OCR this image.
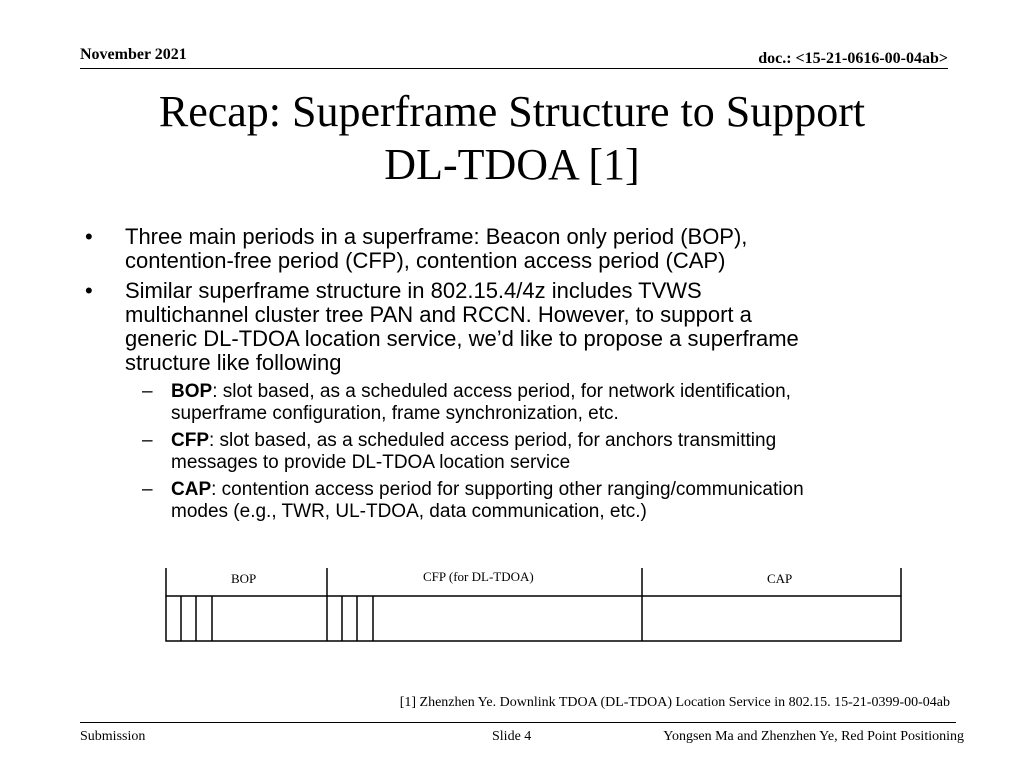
November 2021	doc.: <15-21-0616-00-04ab>
Recap: Superframe Structure to Support
DL-TDOA [1]
• Three main periods in a superframe: Beacon only period (BOP),
contention-free period (CFP), contention access period (CAP)
• Similar superframe structure in 802.15.4/4z includes TVWS
multichannel cluster tree PAN and RCCN. However, to support a
generic DL-TDOA location service, we’d like to propose a superframe
structure like following
– BOP: slot based, as a scheduled access period, for network identification,
superframe configuration, frame synchronization, etc.
– CFP: slot based, as a scheduled access period, for anchors transmitting
messages to provide DL-TDOA location service
– CAP: contention access period for supporting other ranging/communication
modes (e.g., TWR, UL-TDOA, data communication, etc.)
BOP	CFP (for DL-TDOA)	CAP
[1] Zhenzhen Ye. Downlink TDOA (DL-TDOA) Location Service in 802.15. 15-21-0399-00-04ab
Submission	Slide 4	Yongsen Ma and Zhenzhen Ye, Red Point Positioning
